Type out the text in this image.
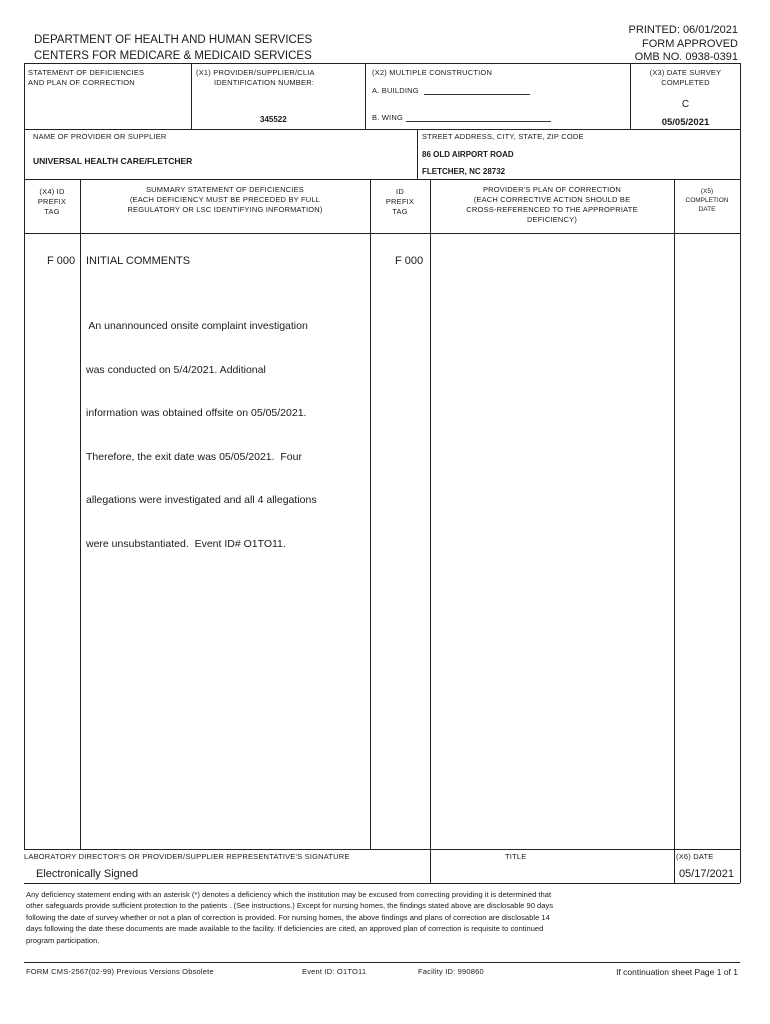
DEPARTMENT OF HEALTH AND HUMAN SERVICES
CENTERS FOR MEDICARE & MEDICAID SERVICES
PRINTED: 06/01/2021
FORM APPROVED
OMB NO. 0938-0391
STATEMENT OF DEFICIENCIES
AND PLAN OF CORRECTION
(X1) PROVIDER/SUPPLIER/CLIA
IDENTIFICATION NUMBER:
345522
(X2) MULTIPLE CONSTRUCTION
A. BUILDING
B. WING
(X3) DATE SURVEY
COMPLETED
C
05/05/2021
NAME OF PROVIDER OR SUPPLIER
UNIVERSAL HEALTH CARE/FLETCHER
STREET ADDRESS, CITY, STATE, ZIP CODE
86 OLD AIRPORT ROAD
FLETCHER, NC 28732
(X4) ID
PREFIX
TAG
SUMMARY STATEMENT OF DEFICIENCIES
(EACH DEFICIENCY MUST BE PRECEDED BY FULL
REGULATORY OR LSC IDENTIFYING INFORMATION)
ID
PREFIX
TAG
PROVIDER'S PLAN OF CORRECTION
(EACH CORRECTIVE ACTION SHOULD BE
CROSS-REFERENCED TO THE APPROPRIATE
DEFICIENCY)
(X5)
COMPLETION
DATE
F 000 INITIAL COMMENTS	F 000

An unannounced onsite complaint investigation

was conducted on 5/4/2021. Additional

information was obtained offsite on 05/05/2021.

Therefore, the exit date was 05/05/2021.  Four

allegations were investigated and all 4 allegations

were unsubstantiated.  Event ID# O1TO11.

LABORATORY DIRECTOR'S OR PROVIDER/SUPPLIER REPRESENTATIVE'S SIGNATURE	TITLE	(X6) DATE
Electronically Signed	05/17/2021
Any deficiency statement ending with an asterisk (*) denotes a deficiency which the institution may be excused from correcting providing it is determined that
other safeguards provide sufficient protection to the patients . (See instructions.) Except for nursing homes, the findings stated above are disclosable 90 days
following the date of survey whether or not a plan of correction is provided. For nursing homes, the above findings and plans of correction are disclosable 14
days following the date these documents are made available to the facility. If deficiencies are cited, an approved plan of correction is requisite to continued
program participation.
FORM CMS-2567(02-99) Previous Versions Obsolete	Event ID: O1TO11	Facility ID: 990860	If continuation sheet Page 1 of 1
